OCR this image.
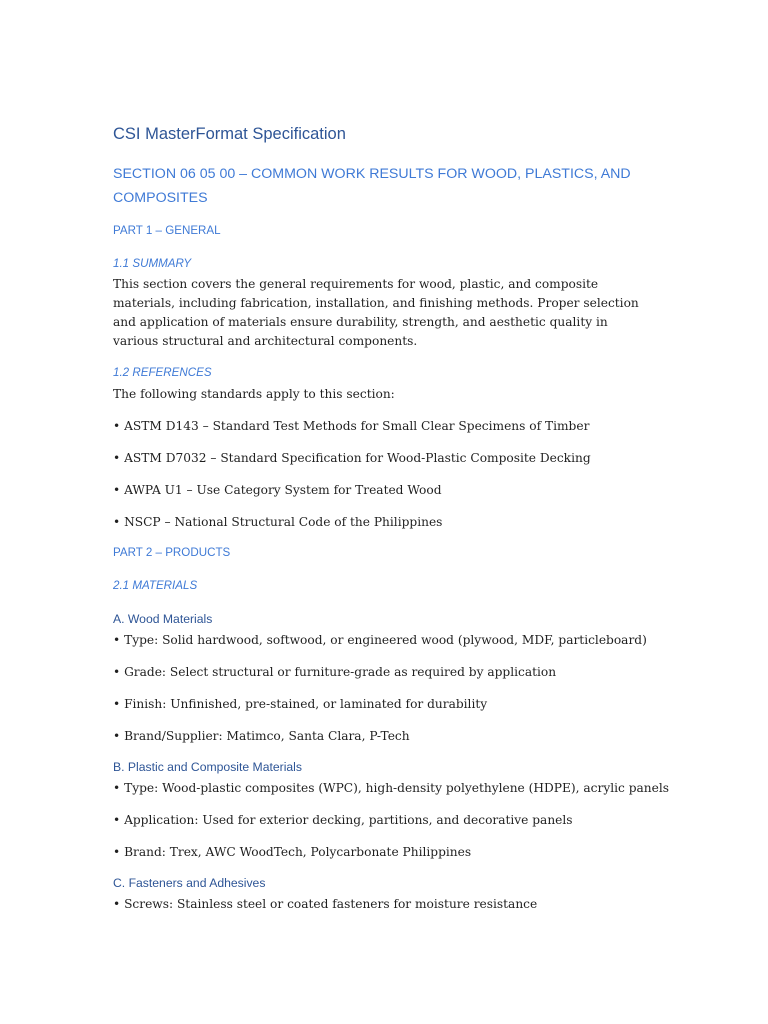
CSI MasterFormat Specification
SECTION 06 05 00 – COMMON WORK RESULTS FOR WOOD, PLASTICS, AND COMPOSITES
PART 1 – GENERAL
1.1 SUMMARY
This section covers the general requirements for wood, plastic, and composite materials, including fabrication, installation, and finishing methods. Proper selection and application of materials ensure durability, strength, and aesthetic quality in various structural and architectural components.
1.2 REFERENCES
The following standards apply to this section:
• ASTM D143 – Standard Test Methods for Small Clear Specimens of Timber
• ASTM D7032 – Standard Specification for Wood-Plastic Composite Decking
• AWPA U1 – Use Category System for Treated Wood
• NSCP – National Structural Code of the Philippines
PART 2 – PRODUCTS
2.1 MATERIALS
A. Wood Materials
• Type: Solid hardwood, softwood, or engineered wood (plywood, MDF, particleboard)
• Grade: Select structural or furniture-grade as required by application
• Finish: Unfinished, pre-stained, or laminated for durability
• Brand/Supplier: Matimco, Santa Clara, P-Tech
B. Plastic and Composite Materials
• Type: Wood-plastic composites (WPC), high-density polyethylene (HDPE), acrylic panels
• Application: Used for exterior decking, partitions, and decorative panels
• Brand: Trex, AWC WoodTech, Polycarbonate Philippines
C. Fasteners and Adhesives
• Screws: Stainless steel or coated fasteners for moisture resistance
